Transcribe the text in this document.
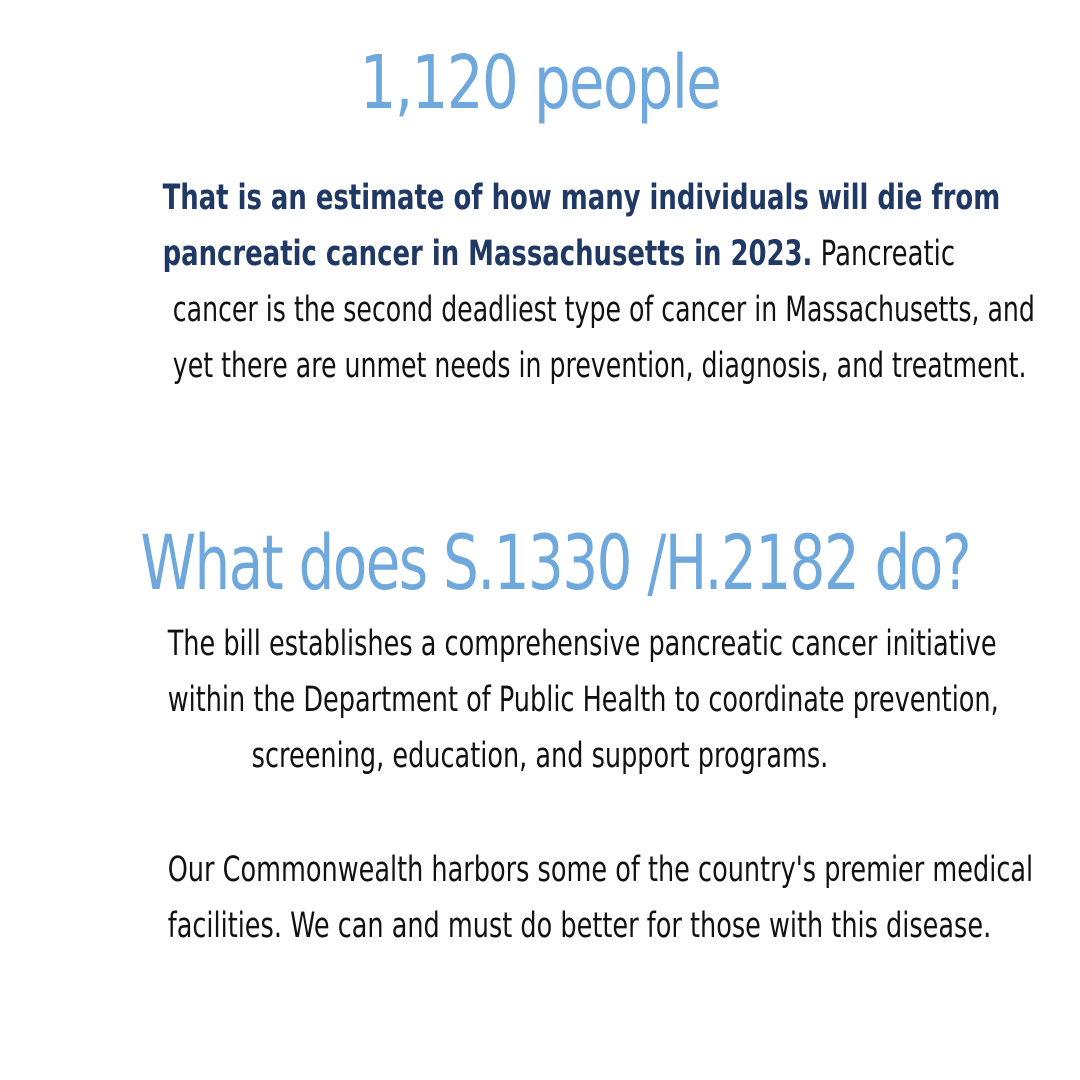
1,120 people
That is an estimate of how many individuals will die from
pancreatic cancer in Massachusetts in 2023. Pancreatic
cancer is the second deadliest type of cancer in Massachusetts, and
yet there are unmet needs in prevention, diagnosis, and treatment.
What does S.1330 /H.2182 do?
The bill establishes a comprehensive pancreatic cancer initiative
within the Department of Public Health to coordinate prevention,
screening, education, and support programs.
Our Commonwealth harbors some of the country's premier medical
facilities. We can and must do better for those with this disease.
